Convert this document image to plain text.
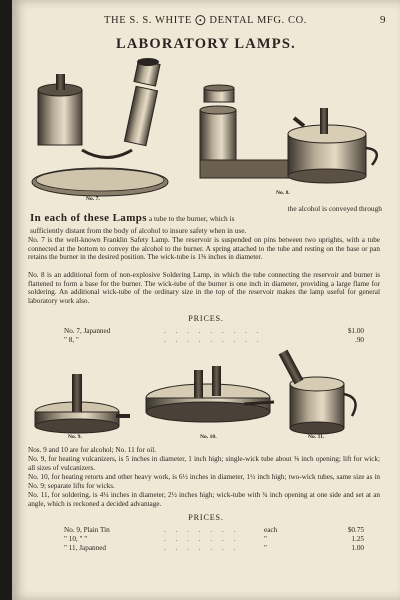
THE S. S. WHITE ⨀ DENTAL MFG. CO.	9
LABORATORY LAMPS.
No. 7.
No. 8.
the alcohol is conveyed through
In each of these Lamps a tube to the burner, which is
sufficiently distant from the body of alcohol to insure safety when in use.
No. 7 is the well-known Franklin Safety Lamp. The reservoir is suspended on pins between two uprights, with a tube connected at the bottom to convey the alcohol to the burner. A spring attached to the tube and resting on the base or pan retains the burner in the desired position. The wick-tube is 1⅜ inches in diameter.
No. 8 is an additional form of non-explosive Soldering Lamp, in which the tube connecting the reservoir and burner is flattened to form a base for the burner. The wick-tube of the burner is one inch in diameter, providing a large flame for soldering. An additional wick-tube of the ordinary size in the top of the reservoir makes the lamp useful for general laboratory work also.
PRICES.
No. 7, Japanned	. . . . . . . . .	$1.00
" 8, "	. . . . . . . . .	.90
No. 9.	No. 10.	No. 11.
Nos. 9 and 10 are for alcohol; No. 11 for oil.
No. 9, for heating vulcanizers, is 5 inches in diameter, 1 inch high; single-wick tube about ⅜ inch opening; lift for wick; all sizes of vulcanizers.
No. 10, for heating retorts and other heavy work, is 6½ inches in diameter, 1½ inch high; two-wick tubes, same size as in No. 9; separate lifts for wicks.
No. 11, for soldering, is 4¼ inches in diameter, 2½ inches high; wick-tube with ¾ inch opening at one side and set at an angle, which is reckoned a decided advantage.
PRICES.
No. 9, Plain Tin	. . . . . . .	each	$0.75
" 10, " "	. . . . . . .	"	1.25
" 11, Japanned	. . . . . . .	"	1.00
